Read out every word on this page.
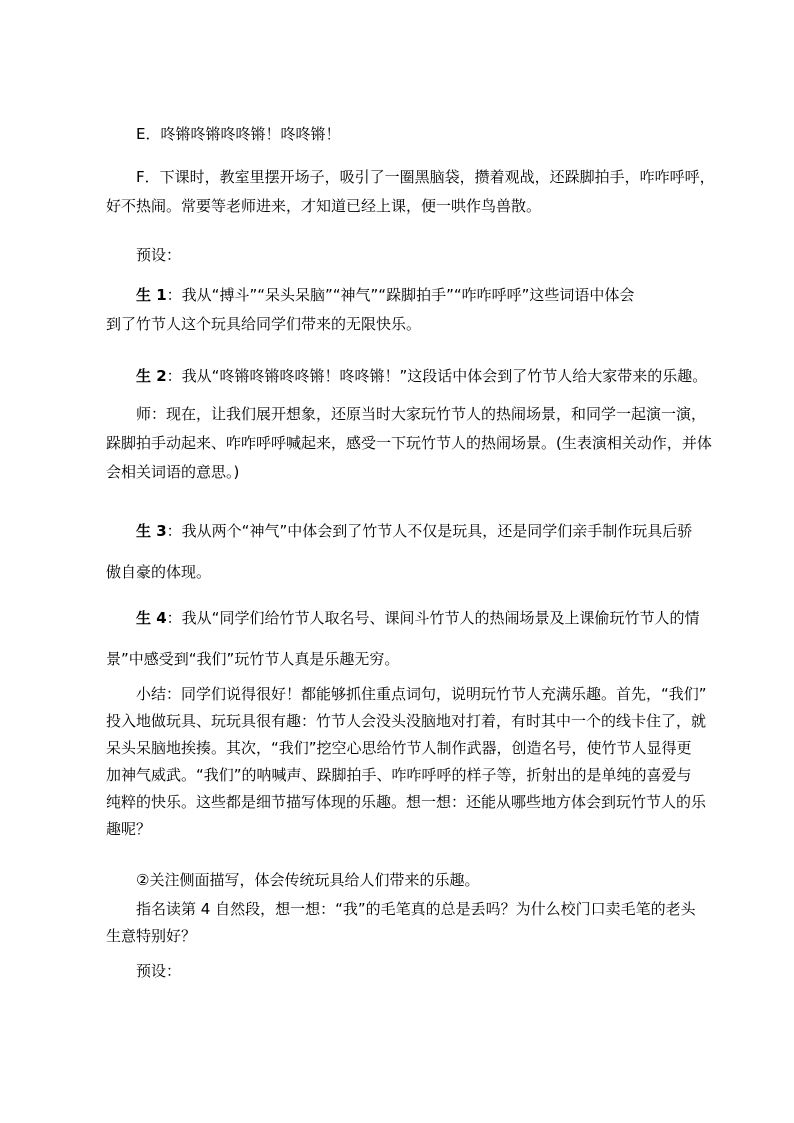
E．咚锵咚锵咚咚锵！咚咚锵！

F．下课时，教室里摆开场子，吸引了一圈黑脑袋，攒着观战，还跺脚拍手，咋咋呼呼，
好不热闹。常要等老师进来，才知道已经上课，便一哄作鸟兽散。

预设：

生 1：我从“搏斗”“呆头呆脑”“神气”“跺脚拍手”“咋咋呼呼”这些词语中体会
到了竹节人这个玩具给同学们带来的无限快乐。

生 2：我从“咚锵咚锵咚咚锵！咚咚锵！”这段话中体会到了竹节人给大家带来的乐趣。

师：现在，让我们展开想象，还原当时大家玩竹节人的热闹场景，和同学一起演一演，
跺脚拍手动起来、咋咋呼呼喊起来，感受一下玩竹节人的热闹场景。(生表演相关动作，并体
会相关词语的意思。)

生 3：我从两个“神气”中体会到了竹节人不仅是玩具，还是同学们亲手制作玩具后骄
傲自豪的体现。

生 4：我从“同学们给竹节人取名号、课间斗竹节人的热闹场景及上课偷玩竹节人的情
景”中感受到“我们”玩竹节人真是乐趣无穷。

小结：同学们说得很好！都能够抓住重点词句，说明玩竹节人充满乐趣。首先，“我们”
投入地做玩具、玩玩具很有趣：竹节人会没头没脑地对打着，有时其中一个的线卡住了，就
呆头呆脑地挨揍。其次，“我们”挖空心思给竹节人制作武器，创造名号，使竹节人显得更
加神气威武。“我们”的呐喊声、跺脚拍手、咋咋呼呼的样子等，折射出的是单纯的喜爱与
纯粹的快乐。这些都是细节描写体现的乐趣。想一想：还能从哪些地方体会到玩竹节人的乐
趣呢？

②关注侧面描写，体会传统玩具给人们带来的乐趣。

指名读第 4 自然段，想一想：“我”的毛笔真的总是丢吗？为什么校门口卖毛笔的老头
生意特别好？

预设：
